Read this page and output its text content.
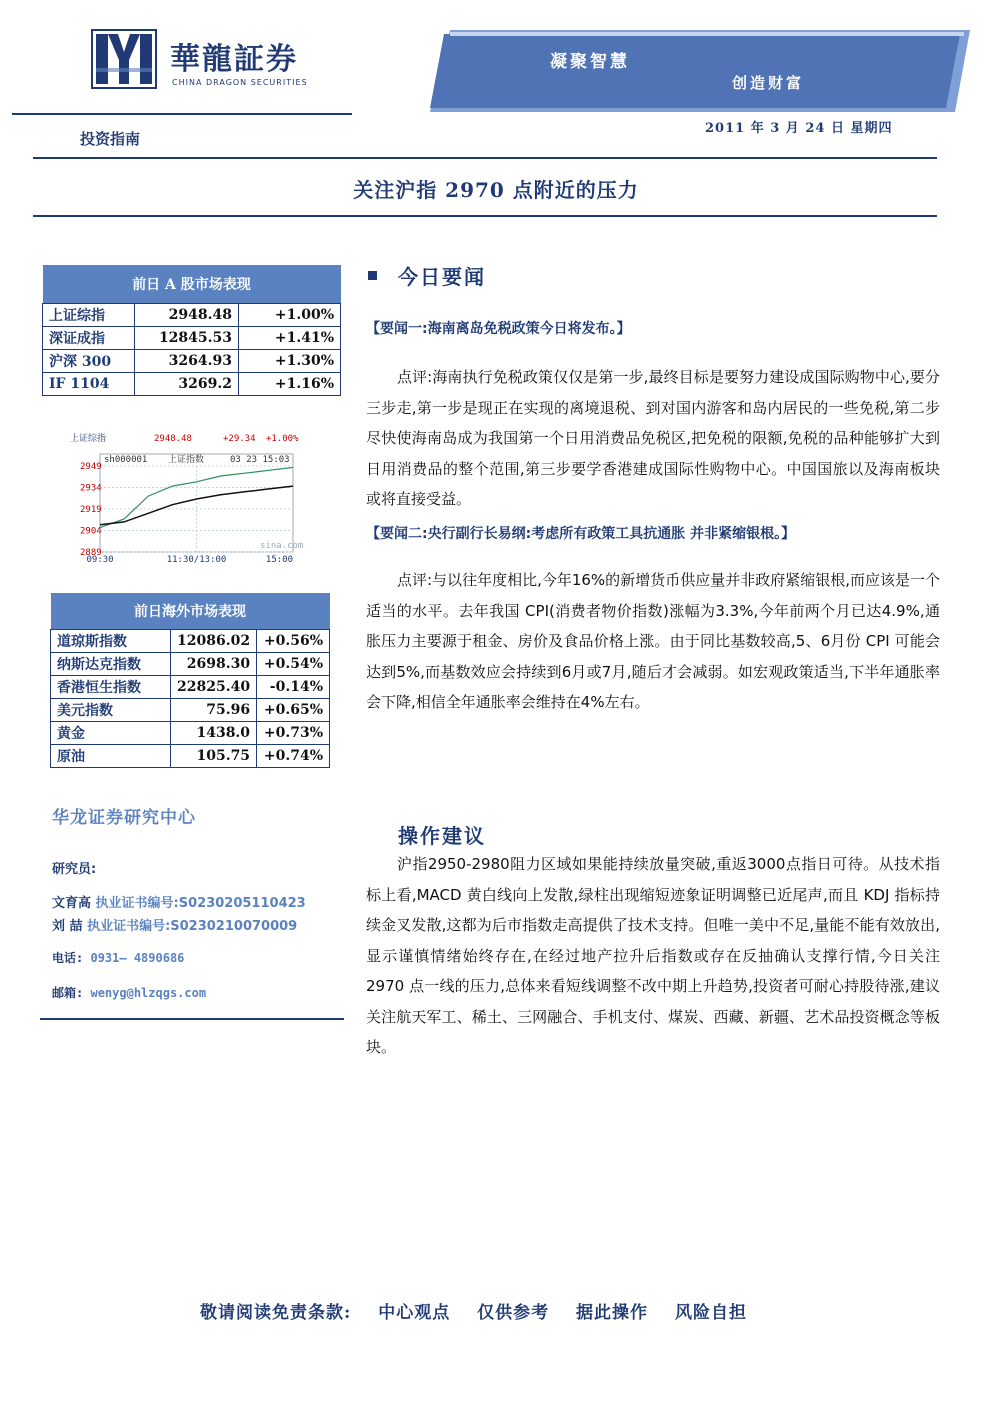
華龍証券
CHINA DRAGON SECURITIES
凝聚智慧
创造财富
投资指南
2011 年 3 月 24 日 星期四
关注沪指 2970 点附近的压力
前日 A 股市场表现		
上证综指	2948.48	+1.00%
深证成指	12845.53	+1.41%
沪深 300	3264.93	+1.30%
IF 1104	3269.2	+1.16%
上证综指	2948.48	+29.34 +1.00%
sh000001 上证指数	03 23 15:03
sina.com
2949
2934
2919
2904
2889
09:30	11:30/13:00	15:00
前日海外市场表现		
道琼斯指数	12086.02	+0.56%
纳斯达克指数	2698.30	+0.54%
香港恒生指数	22825.40	-0.14%
美元指数	75.96	+0.65%
黄金	1438.0	+0.73%
原油	105.75	+0.74%
华龙证券研究中心
研究员:
文育高 执业证书编号:S0230205110423
刘 喆 执业证书编号:S0230210070009
电话: 0931— 4890686
邮箱: wenyg@hlzqgs.com
今日要闻
【要闻一:海南离岛免税政策今日将发布。】
点评:海南执行免税政策仅仅是第一步,最终目标是要努力建设成国际购物中心,要分三步走,第一步是现正在实现的离境退税、到对国内游客和岛内居民的一些免税,第二步尽快使海南岛成为我国第一个日用消费品免税区,把免税的限额,免税的品种能够扩大到日用消费品的整个范围,第三步要学香港建成国际性购物中心。中国国旅以及海南板块或将直接受益。
【要闻二:央行副行长易纲:考虑所有政策工具抗通胀 并非紧缩银根。】
点评:与以往年度相比,今年16%的新增货币供应量并非政府紧缩银根,而应该是一个适当的水平。去年我国 CPI(消费者物价指数)涨幅为3.3%,今年前两个月已达4.9%,通胀压力主要源于租金、房价及食品价格上涨。由于同比基数较高,5、6月份 CPI 可能会达到5%,而基数效应会持续到6月或7月,随后才会减弱。如宏观政策适当,下半年通胀率会下降,相信全年通胀率会维持在4%左右。
操作建议
沪指2950-2980阻力区域如果能持续放量突破,重返3000点指日可待。从技术指标上看,MACD 黄白线向上发散,绿柱出现缩短迹象证明调整已近尾声,而且 KDJ 指标持续金叉发散,这都为后市指数走高提供了技术支持。但唯一美中不足,量能不能有效放出,显示谨慎情绪始终存在,在经过地产拉升后指数或存在反抽确认支撑行情,今日关注 2970 点一线的压力,总体来看短线调整不改中期上升趋势,投资者可耐心持股待涨,建议关注航天军工、稀土、三网融合、手机支付、煤炭、西藏、新疆、艺术品投资概念等板块。
敬请阅读免责条款: 中心观点 仅供参考 据此操作 风险自担
